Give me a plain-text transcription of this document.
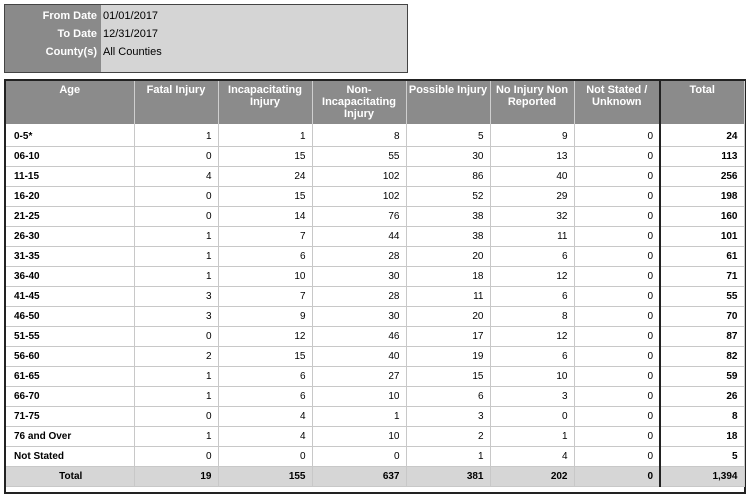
From Date 01/01/2017
To Date 12/31/2017
County(s) All Counties
Age	Fatal Injury	Incapacitating Injury	Non-Incapacitating Injury	Possible Injury	No Injury Non Reported	Not Stated / Unknown	Total
0-5*	1	1	8	5	9	0	24
06-10	0	15	55	30	13	0	113
11-15	4	24	102	86	40	0	256
16-20	0	15	102	52	29	0	198
21-25	0	14	76	38	32	0	160
26-30	1	7	44	38	11	0	101
31-35	1	6	28	20	6	0	61
36-40	1	10	30	18	12	0	71
41-45	3	7	28	11	6	0	55
46-50	3	9	30	20	8	0	70
51-55	0	12	46	17	12	0	87
56-60	2	15	40	19	6	0	82
61-65	1	6	27	15	10	0	59
66-70	1	6	10	6	3	0	26
71-75	0	4	1	3	0	0	8
76 and Over	1	4	10	2	1	0	18
Not Stated	0	0	0	1	4	0	5
Total	19	155	637	381	202	0	1,394
